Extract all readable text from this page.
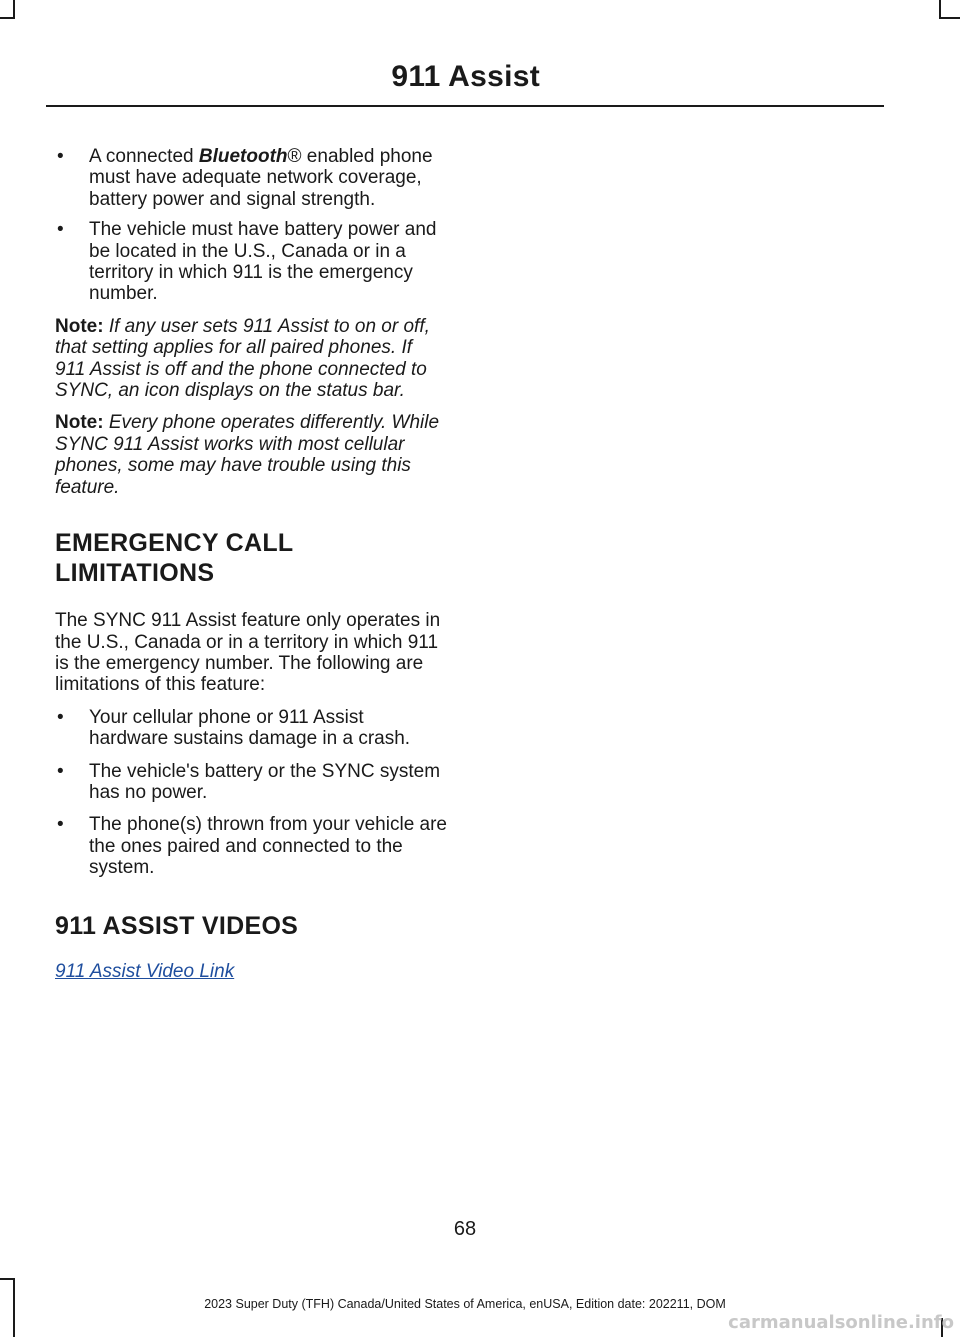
911 Assist
• A connected Bluetooth® enabled phone must have adequate network coverage, battery power and signal strength.
• The vehicle must have battery power and be located in the U.S., Canada or in a territory in which 911 is the emergency number.

Note: If any user sets 911 Assist to on or off, that setting applies for all paired phones. If 911 Assist is off and the phone connected to SYNC, an icon displays on the status bar.

Note: Every phone operates differently. While SYNC 911 Assist works with most cellular phones, some may have trouble using this feature.

EMERGENCY CALL
LIMITATIONS

The SYNC 911 Assist feature only operates in the U.S., Canada or in a territory in which 911 is the emergency number. The following are limitations of this feature:

• Your cellular phone or 911 Assist hardware sustains damage in a crash.
• The vehicle's battery or the SYNC system has no power.
• The phone(s) thrown from your vehicle are the ones paired and connected to the system.
911 ASSIST VIDEOS
911 Assist Video Link
68
2023 Super Duty (TFH) Canada/United States of America, enUSA, Edition date: 202211, DOM
carmanualsonline.info
